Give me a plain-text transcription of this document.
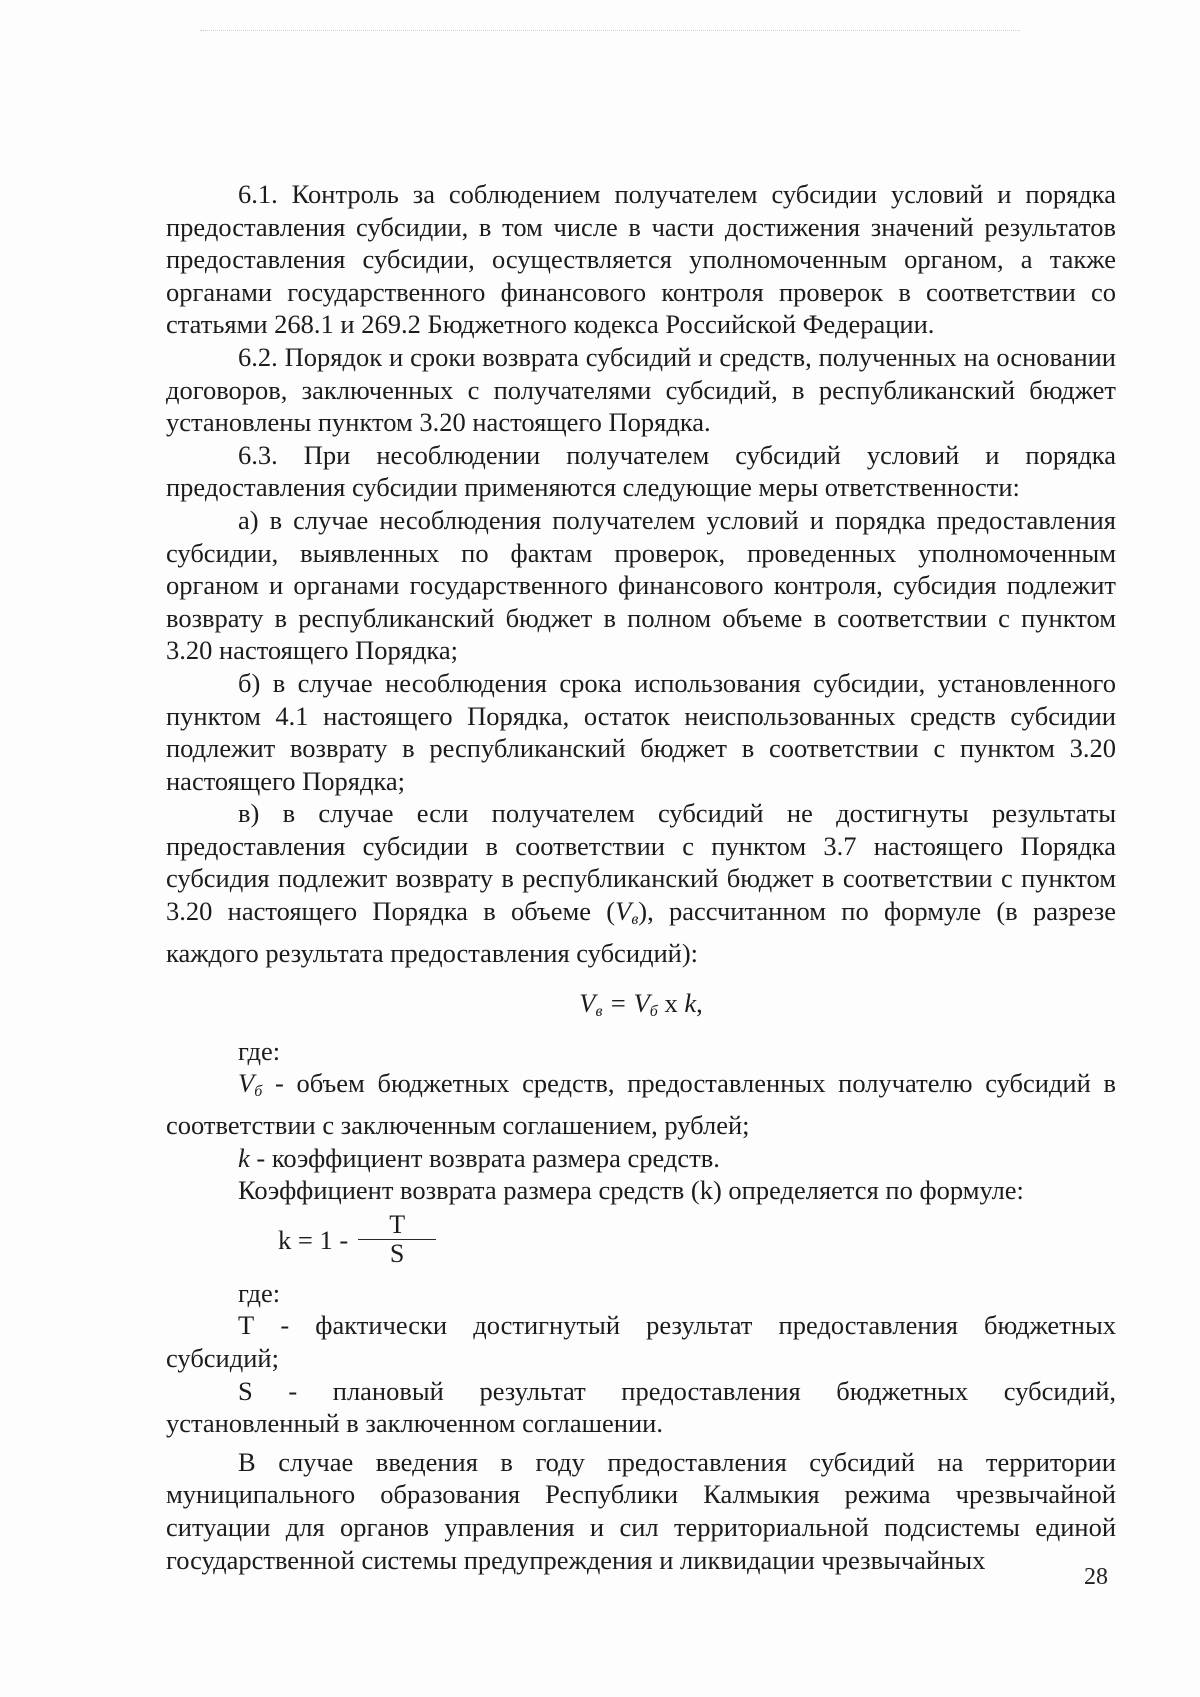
6.1. Контроль за соблюдением получателем субсидии условий и порядка предоставления субсидии, в том числе в части достижения значений результатов предоставления субсидии, осуществляется уполномоченным органом, а также органами государственного финансового контроля проверок в соответствии со статьями 268.1 и 269.2 Бюджетного кодекса Российской Федерации.

6.2. Порядок и сроки возврата субсидий и средств, полученных на основании договоров, заключенных с получателями субсидий, в республиканский бюджет установлены пунктом 3.20 настоящего Порядка.

6.3. При несоблюдении получателем субсидий условий и порядка предоставления субсидии применяются следующие меры ответственности:

а) в случае несоблюдения получателем условий и порядка предоставления субсидии, выявленных по фактам проверок, проведенных уполномоченным органом и органами государственного финансового контроля, субсидия подлежит возврату в республиканский бюджет в полном объеме в соответствии с пунктом 3.20 настоящего Порядка;

б) в случае несоблюдения срока использования субсидии, установленного пунктом 4.1 настоящего Порядка, остаток неиспользованных средств субсидии подлежит возврату в республиканский бюджет в соответствии с пунктом 3.20 настоящего Порядка;

в) в случае если получателем субсидий не достигнуты результаты предоставления субсидии в соответствии с пунктом 3.7 настоящего Порядка субсидия подлежит возврату в республиканский бюджет в соответствии с пунктом 3.20 настоящего Порядка в объеме $(V_в)$, рассчитанном по формуле (в разрезе каждого результата предоставления субсидий):

$V_в = V_б$ x k,

где:

$V_б$ - объем бюджетных средств, предоставленных получателю субсидий в соответствии с заключенным соглашением, рублей;

k - коэффициент возврата размера средств.

Коэффициент возврата размера средств (k) определяется по формуле:

$k = 1 - \frac{T}{S}$

где:

Т - фактически достигнутый результат предоставления бюджетных субсидий;

S - плановый результат предоставления бюджетных субсидий, установленный в заключенном соглашении.

В случае введения в году предоставления субсидий на территории муниципального образования Республики Калмыкия режима чрезвычайной ситуации для органов управления и сил территориальной подсистемы единой государственной системы предупреждения и ликвидации чрезвычайных

28
